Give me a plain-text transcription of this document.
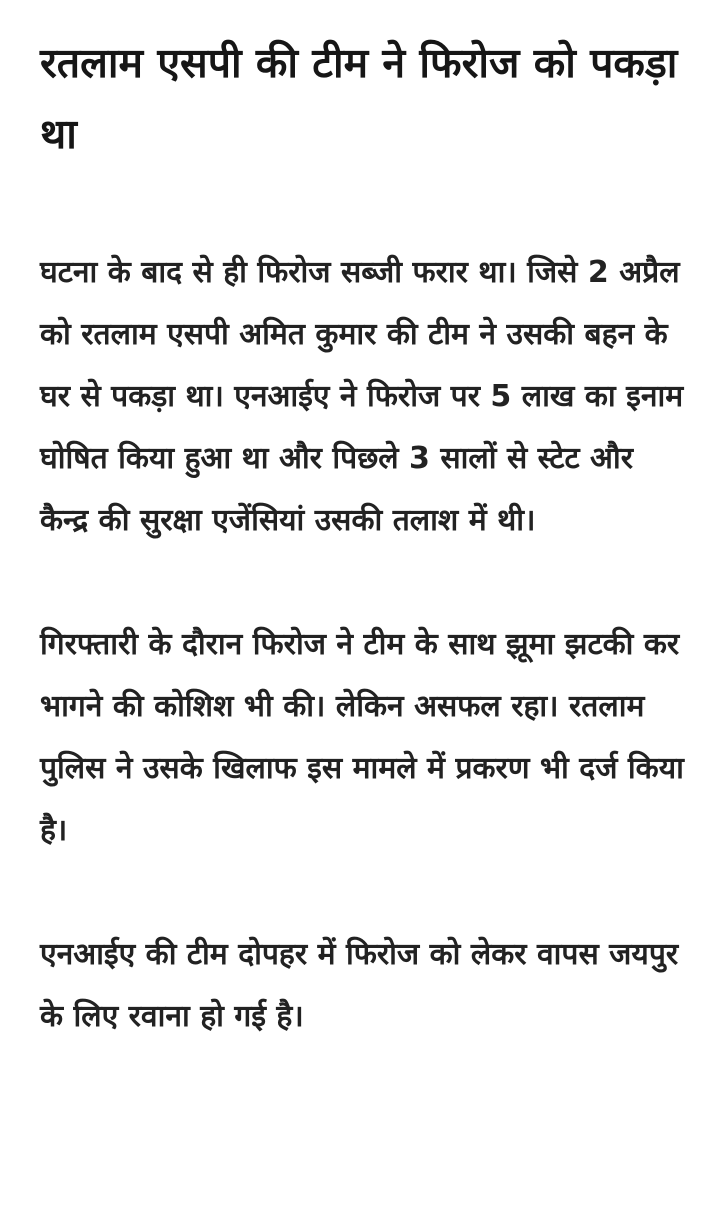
रतलाम एसपी की टीम ने फिरोज को पकड़ा था

घटना के बाद से ही फिरोज सब्जी फरार था। जिसे 2 अप्रैल को रतलाम एसपी अमित कुमार की टीम ने उसकी बहन के घर से पकड़ा था। एनआईए ने फिरोज पर 5 लाख का इनाम घोषित किया हुआ था और पिछले 3 सालों से स्टेट और कैन्द्र की सुरक्षा एजेंसियां उसकी तलाश में थी।

गिरफ्तारी के दौरान फिरोज ने टीम के साथ झूमा झटकी कर भागने की कोशिश भी की। लेकिन असफल रहा। रतलाम पुलिस ने उसके खिलाफ इस मामले में प्रकरण भी दर्ज किया है।

एनआईए की टीम दोपहर में फिरोज को लेकर वापस जयपुर के लिए रवाना हो गई है।
